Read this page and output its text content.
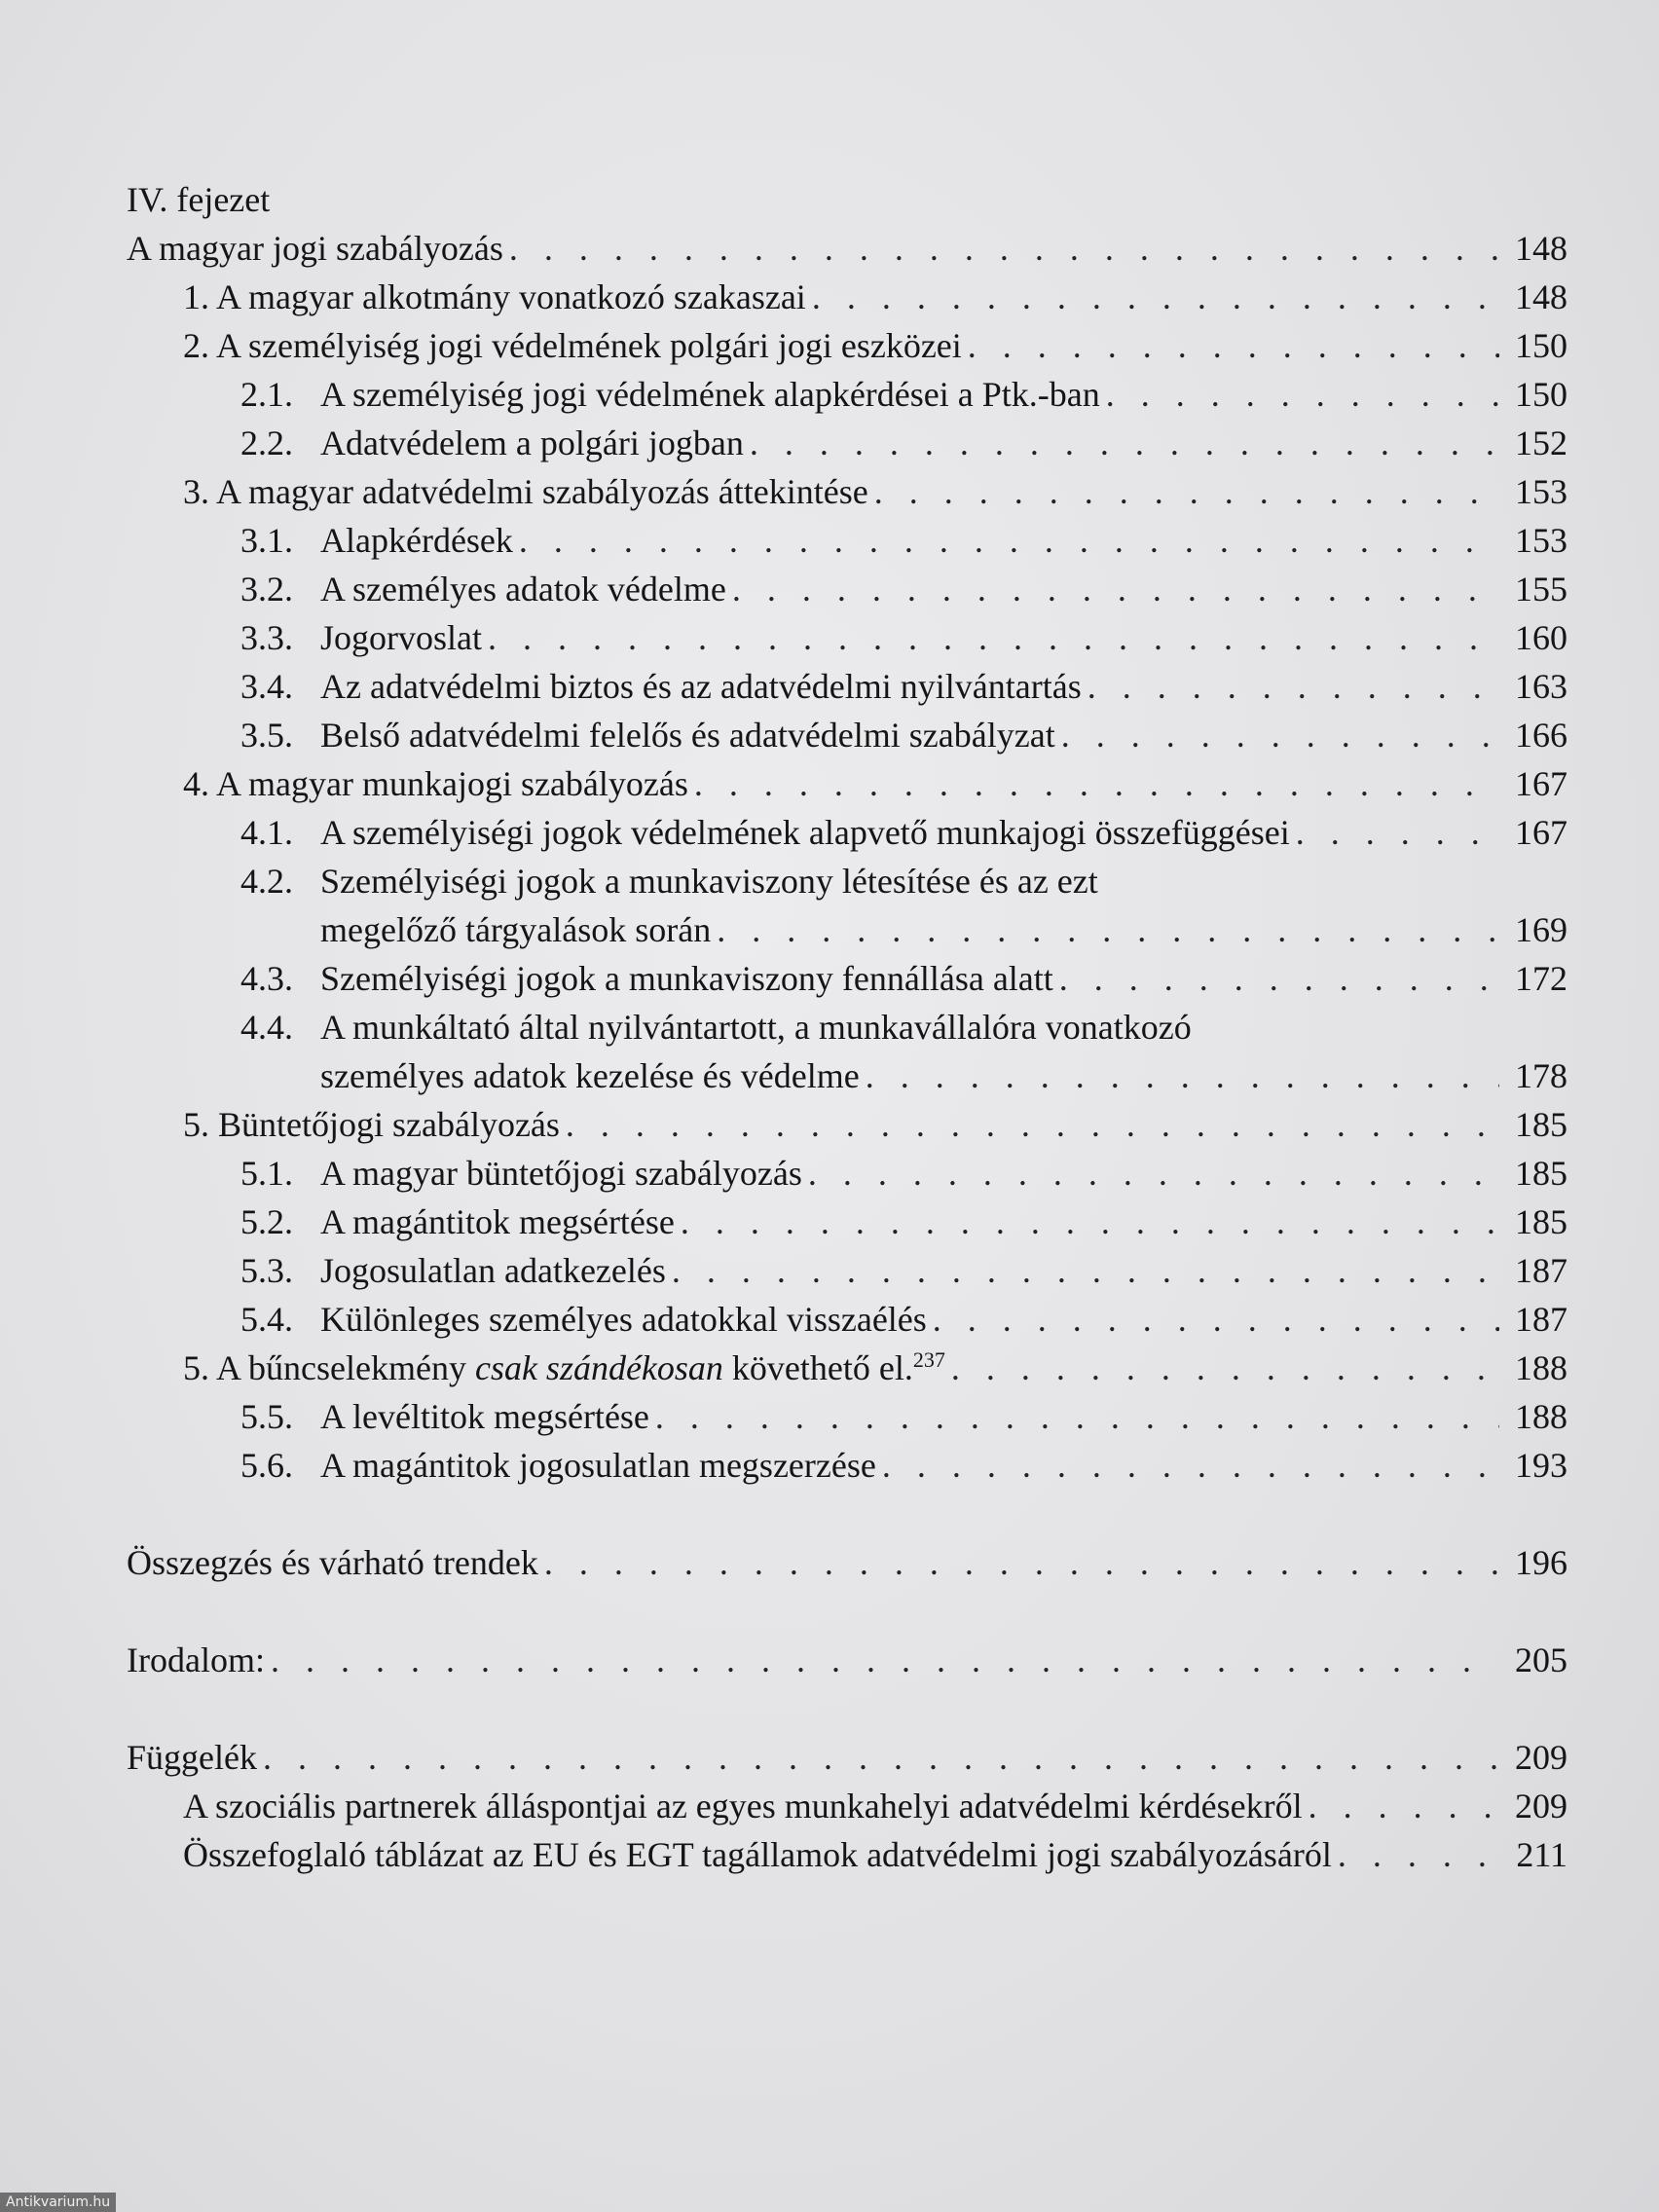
IV. fejezet
A magyar jogi szabályozás . . .	148
1. A magyar alkotmány vonatkozó szakaszai . . .	148
2. A személyiség jogi védelmének polgári jogi eszközei . . .	150
2.1. A személyiség jogi védelmének alapkérdései a Ptk.-ban . . .	150
2.2. Adatvédelem a polgári jogban . . .	152
3. A magyar adatvédelmi szabályozás áttekintése . . .	153
3.1. Alapkérdések . . .	153
3.2. A személyes adatok védelme . . .	155
3.3. Jogorvoslat . . .	160
3.4. Az adatvédelmi biztos és az adatvédelmi nyilvántartás . . .	163
3.5. Belső adatvédelmi felelős és adatvédelmi szabályzat . . .	166
4. A magyar munkajogi szabályozás . . .	167
4.1. A személyiségi jogok védelmének alapvető munkajogi összefüggései . . .	167
4.2. Személyiségi jogok a munkaviszony létesítése és az ezt
megelőző tárgyalások során . . .	169
4.3. Személyiségi jogok a munkaviszony fennállása alatt . . .	172
4.4. A munkáltató által nyilvántartott, a munkavállalóra vonatkozó
személyes adatok kezelése és védelme . . .	178
5. Büntetőjogi szabályozás . . .	185
5.1. A magyar büntetőjogi szabályozás . . .	185
5.2. A magántitok megsértése . . .	185
5.3. Jogosulatlan adatkezelés . . .	187
5.4. Különleges személyes adatokkal visszaélés . . .	187
5. A bűncselekmény csak szándékosan követhető el.$^{237}$ . . .	188
5.5. A levéltitok megsértése . . .	188
5.6. A magántitok jogosulatlan megszerzése . . .	193
Összegzés és várható trendek . . .	196
Irodalom: . . .	205
Függelék . . .	209
A szociális partnerek álláspontjai az egyes munkahelyi adatvédelmi kérdésekről . . .	209
Összefoglaló táblázat az EU és EGT tagállamok adatvédelmi jogi szabályozásáról . . .	211
Antikvarium.hu
